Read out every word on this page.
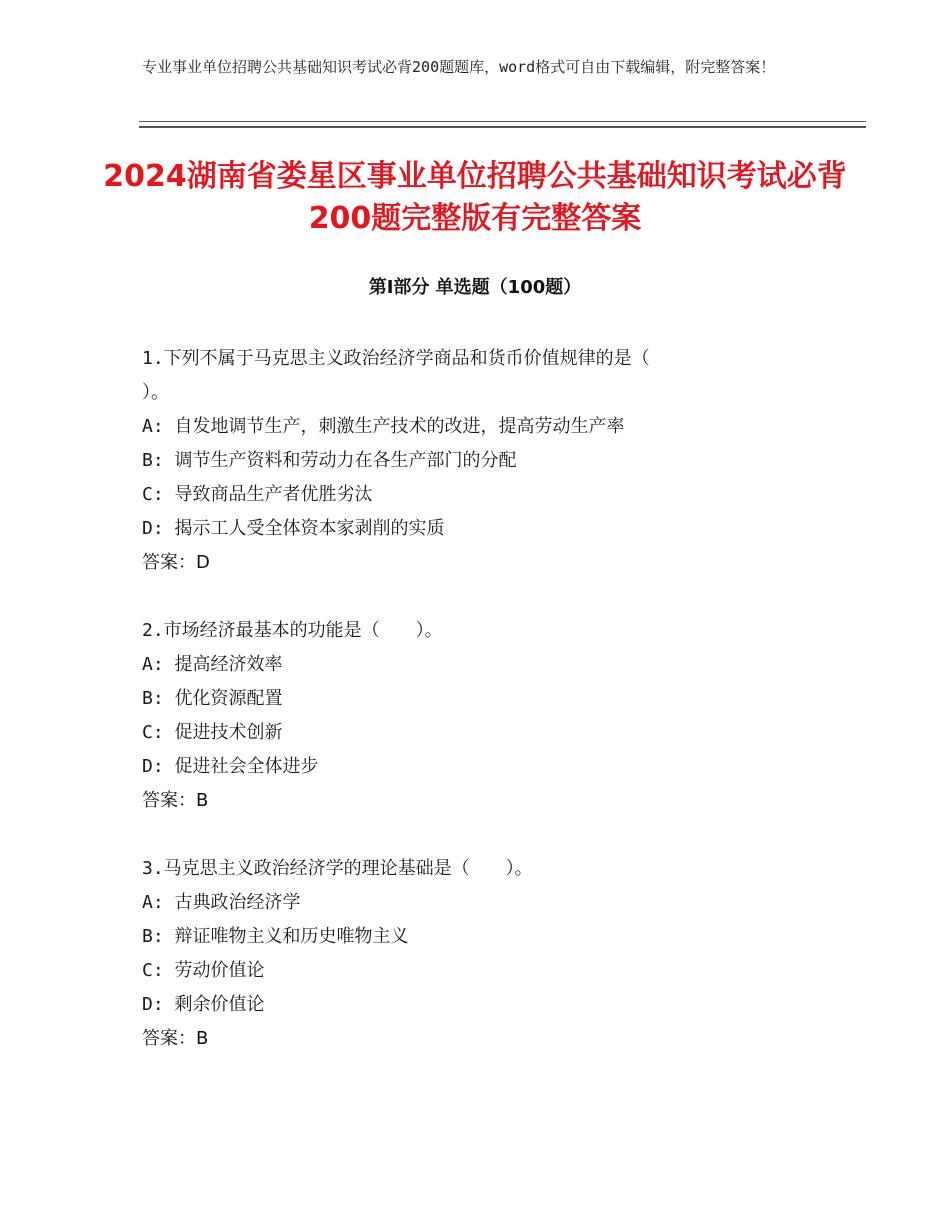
专业事业单位招聘公共基础知识考试必背200题题库，word格式可自由下载编辑，附完整答案！
2024湖南省娄星区事业单位招聘公共基础知识考试必背200题完整版有完整答案
第Ⅰ部分 单选题（100题）
1.下列不属于马克思主义政治经济学商品和货币价值规律的是（
）。
A: 自发地调节生产，刺激生产技术的改进，提高劳动生产率
B: 调节生产资料和劳动力在各生产部门的分配
C: 导致商品生产者优胜劣汰
D: 揭示工人受全体资本家剥削的实质
答案：D
2.市场经济最基本的功能是（　　）。
A: 提高经济效率
B: 优化资源配置
C: 促进技术创新
D: 促进社会全体进步
答案：B
3.马克思主义政治经济学的理论基础是（　　）。
A: 古典政治经济学
B: 辩证唯物主义和历史唯物主义
C: 劳动价值论
D: 剩余价值论
答案：B
